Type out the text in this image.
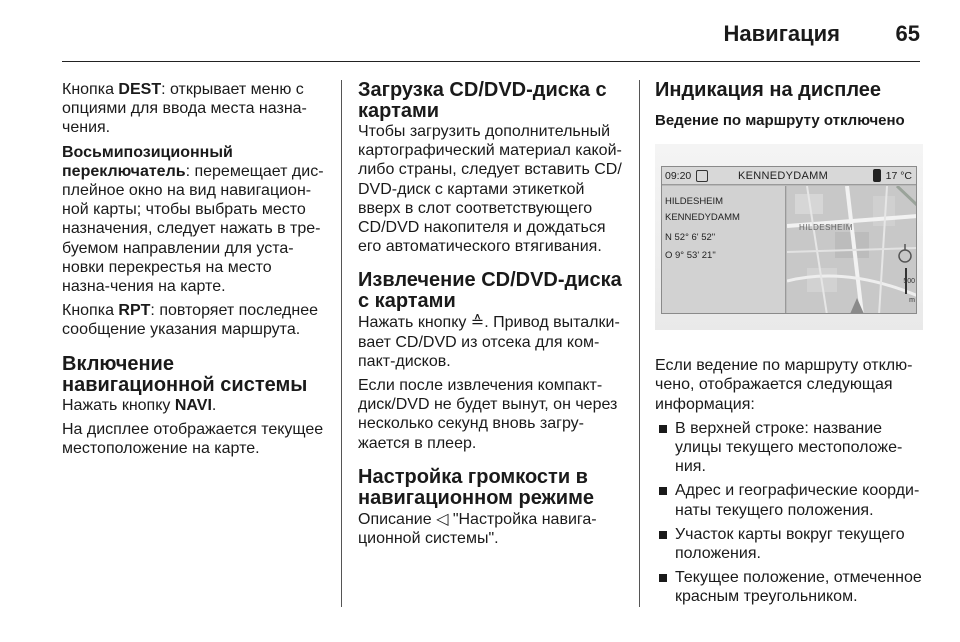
Навигация	65
Кнопка DEST: открывает меню с опциями для ввода места назна-чения.
Восьмипозиционный переключатель: перемещает дис-плейное окно на вид навигацион-ной карты; чтобы выбрать место назначения, следует нажать в тре-буемом направлении для уста-новки перекрестья на место назна-чения на карте.
Кнопка RPT: повторяет последнее сообщение указания маршрута.
Включение навигационной системы
Нажать кнопку NAVI.
На дисплее отображается текущее местоположение на карте.
Загрузка CD/DVD-диска с картами
Чтобы загрузить дополнительный картографический материал какой-либо страны, следует вставить CD/ DVD-диск с картами этикеткой вверх в слот соответствующего CD/DVD накопителя и дождаться его автоматического втягивания.
Извлечение CD/DVD-диска с картами
Нажать кнопку ≙. Привод выталки-вает CD/DVD из отсека для ком-пакт-дисков.
Если после извлечения компакт-диск/DVD не будет вынут, он через несколько секунд вновь загру-жается в плеер.
Настройка громкости в навигационном режиме
Описание ◁ "Настройка навига-ционной системы".
Индикация на дисплее
Ведение по маршруту отключено
09:20	KENNEDYDAMM	17 °C
HILDESHEIM
KENNEDYDAMM
N 52° 6' 52"
O 9° 53' 21"
HILDESHEIM
500
m
Если ведение по маршруту отклю-чено, отображается следующая информация:
В верхней строке: название улицы текущего местоположе-ния.
Адрес и географические коорди-наты текущего положения.
Участок карты вокруг текущего положения.
Текущее положение, отмеченное красным треугольником.
